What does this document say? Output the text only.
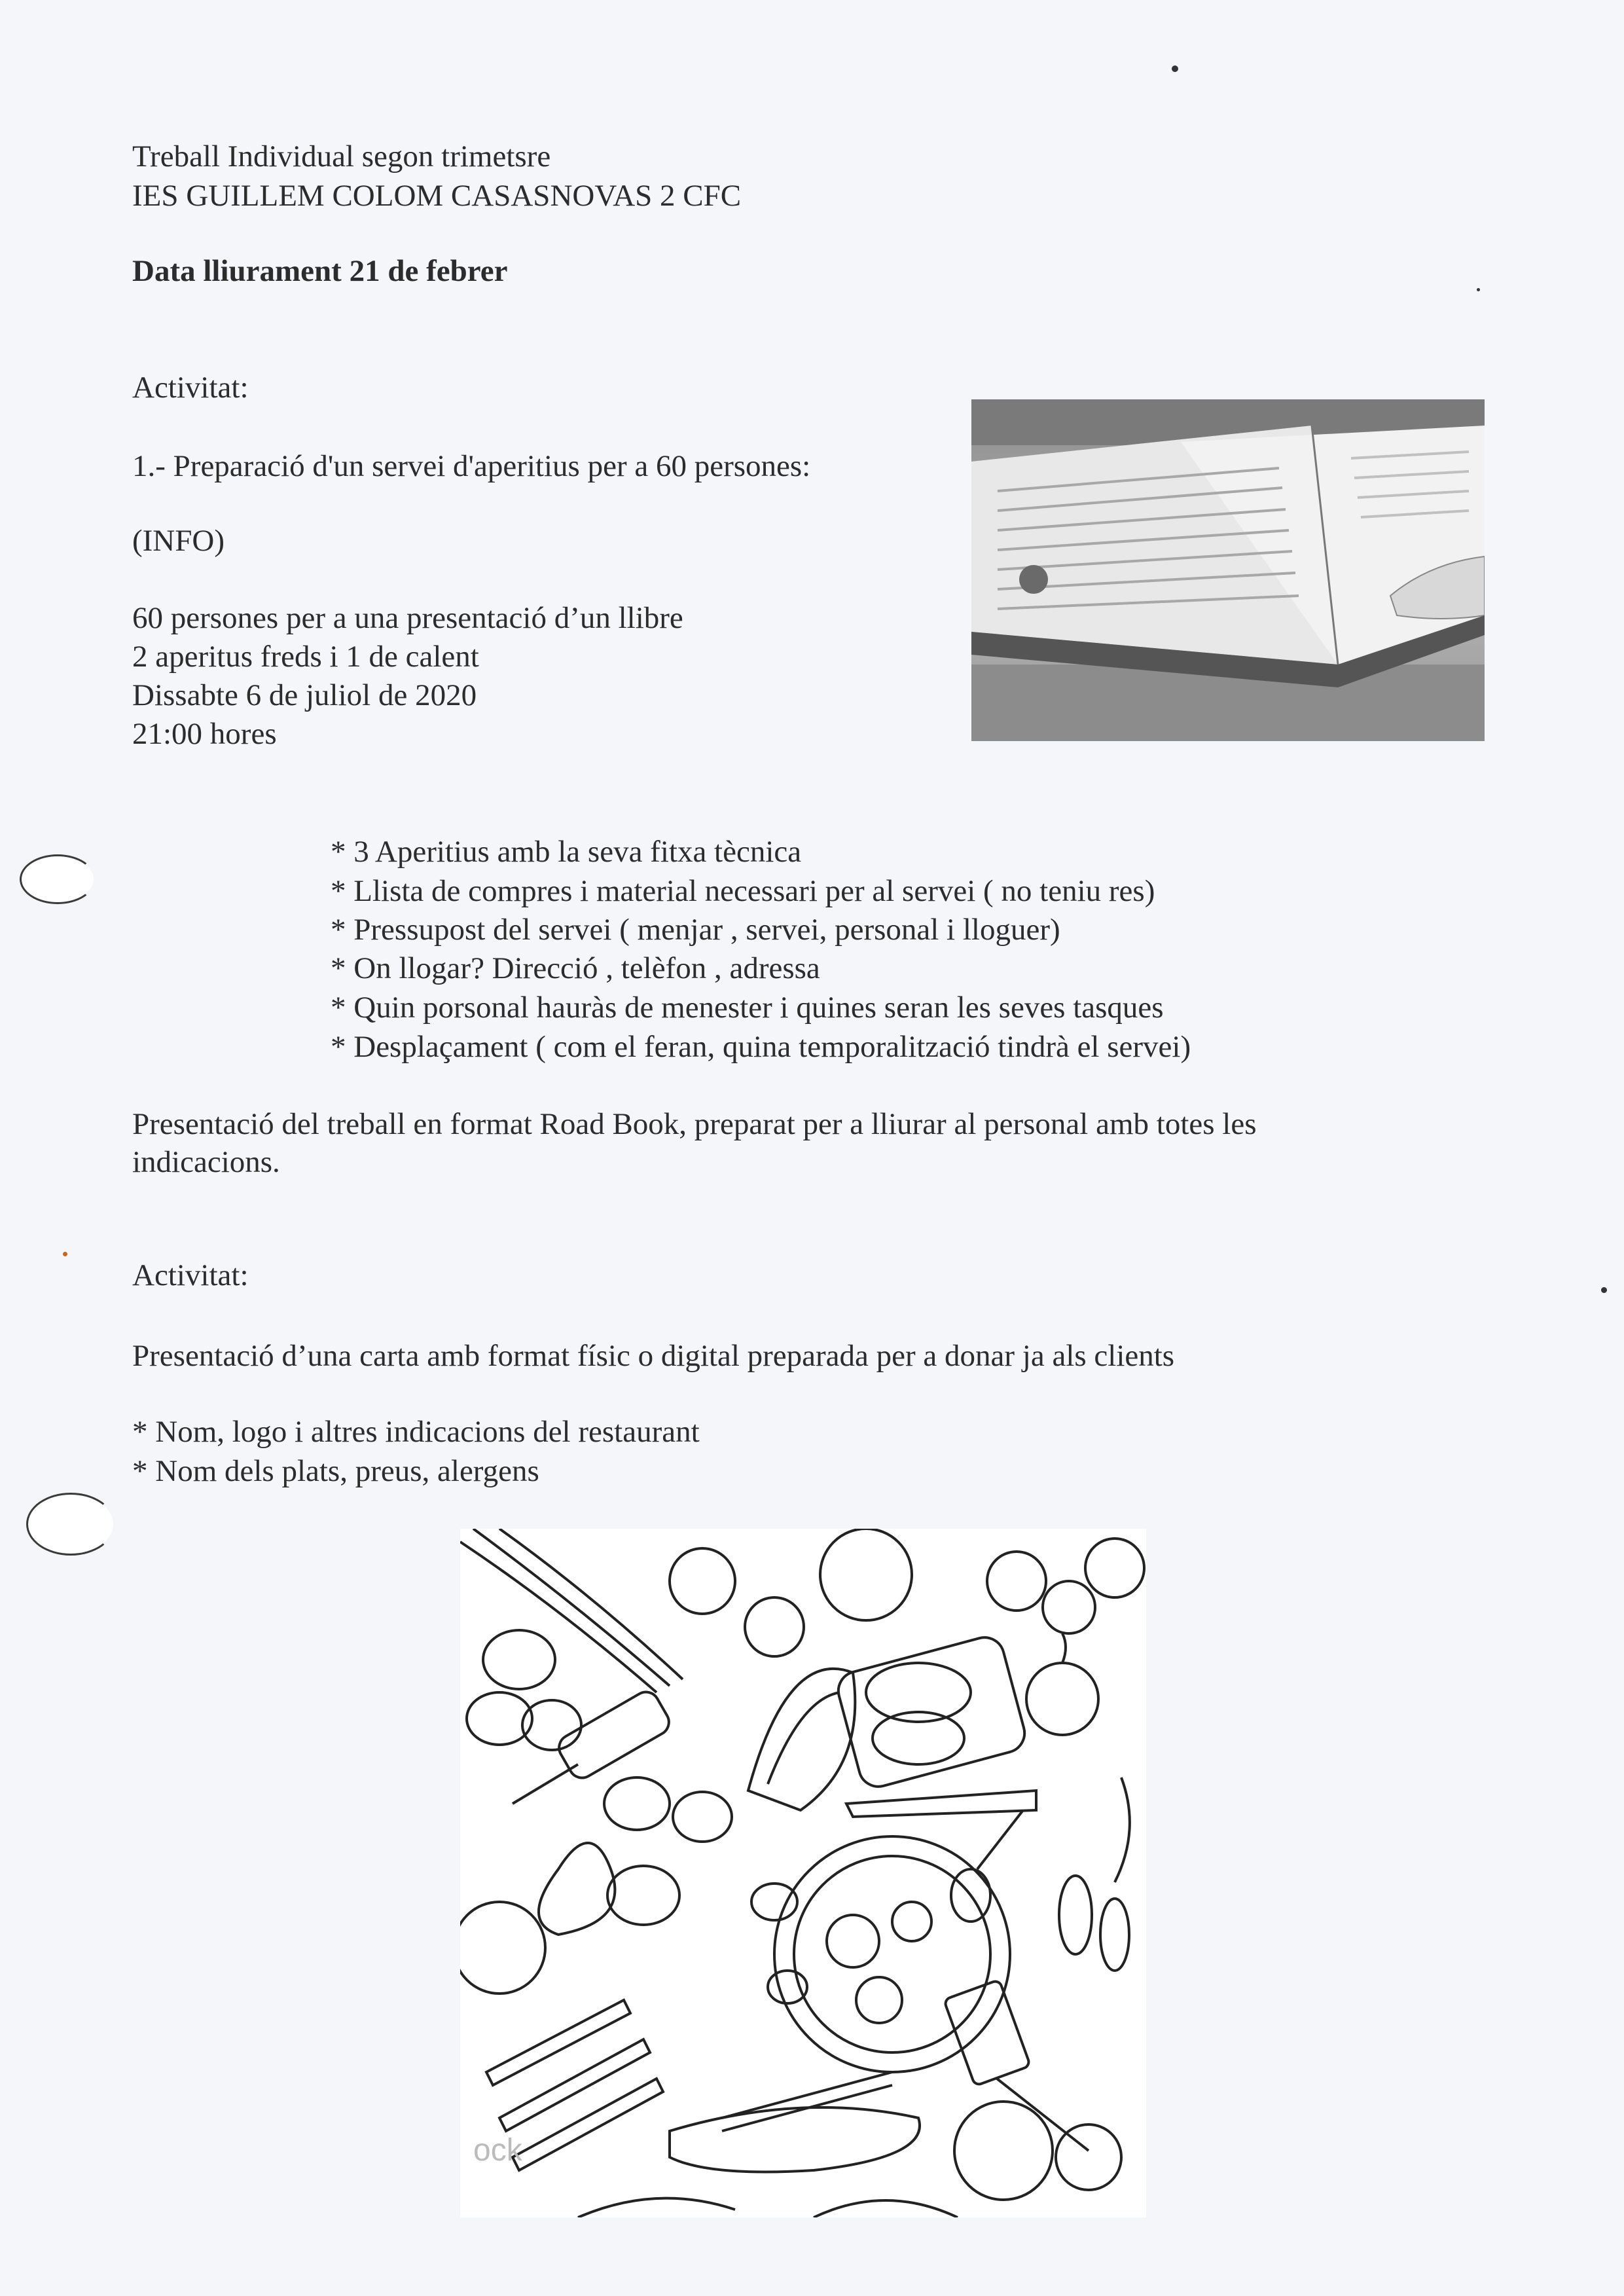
Treball Individual segon trimetsre
IES GUILLEM COLOM CASASNOVAS 2 CFC
Data lliurament 21 de febrer
Activitat:
1.- Preparació d'un servei d'aperitius per a 60 persones:
(INFO)
60 persones per a una presentació d’un llibre
2 aperitus freds i 1 de calent
Dissabte 6 de juliol de 2020
21:00 hores
* 3 Aperitius amb la seva fitxa tècnica
* Llista de compres i material necessari per al servei ( no teniu res)
* Pressupost del servei ( menjar , servei, personal i lloguer)
* On llogar? Direcció , telèfon , adressa
* Quin porsonal hauràs de menester i quines seran les seves tasques
* Desplaçament ( com el feran, quina temporalització tindrà el servei)
Presentació del treball en format Road Book, preparat per a lliurar al personal amb totes les indicacions.
Activitat:
Presentació d’una carta amb format físic o digital preparada per a donar ja als clients
* Nom, logo i altres indicacions del restaurant
* Nom dels plats, preus, alergens
ock
